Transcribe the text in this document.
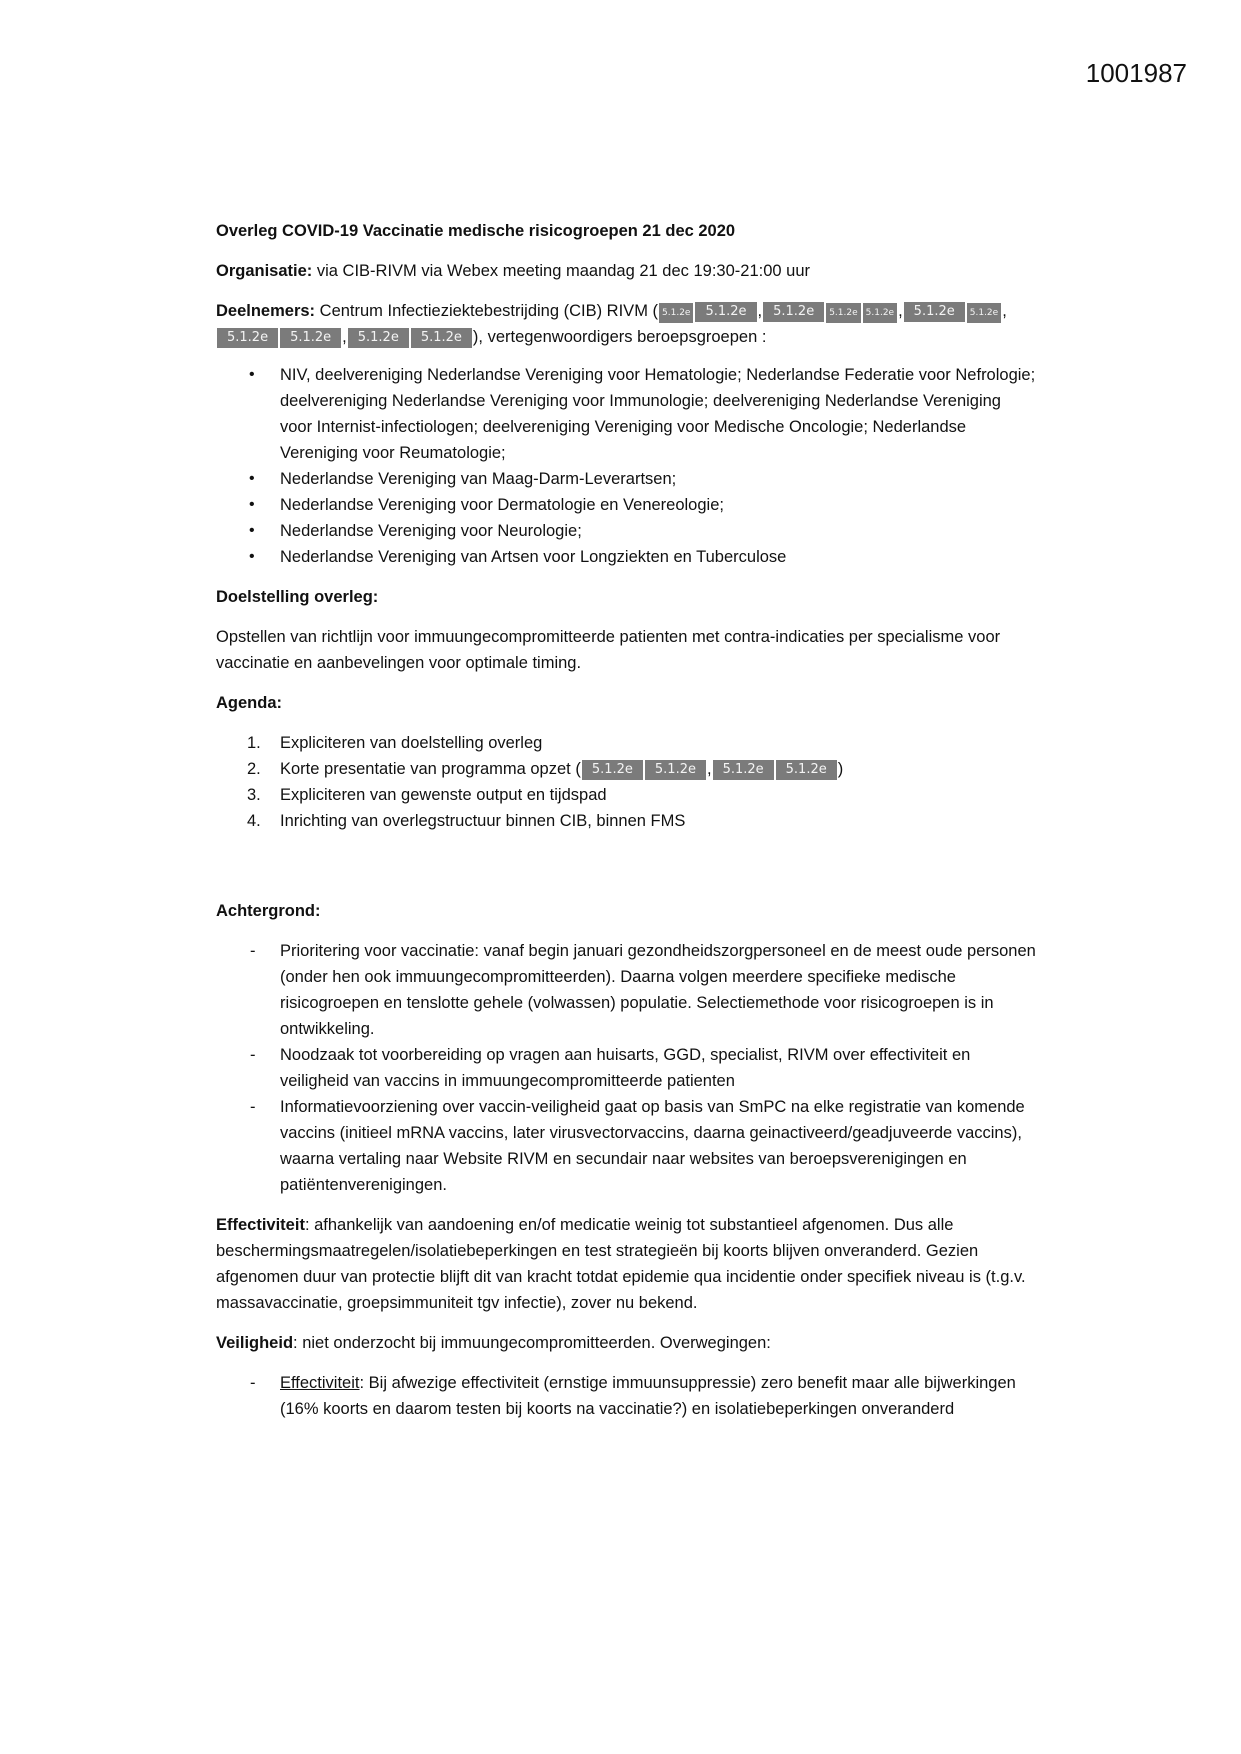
1001987

Overleg COVID-19 Vaccinatie medische risicogroepen 21 dec 2020

Organisatie: via CIB-RIVM via Webex meeting maandag 21 dec 19:30-21:00 uur

Deelnemers: Centrum Infectieziektebestrijding (CIB) RIVM ( 5.1.2e 5.1.2e , 5.1.2e 5.1.2e 5.1.2e , 5.1.2e 5.1.2e , 5.1.2e 5.1.2e , 5.1.2e 5.1.2e ), vertegenwoordigers beroepsgroepen :

• NIV, deelvereniging Nederlandse Vereniging voor Hematologie; Nederlandse Federatie voor Nefrologie; deelvereniging Nederlandse Vereniging voor Immunologie; deelvereniging Nederlandse Vereniging voor Internist-infectiologen; deelvereniging Vereniging voor Medische Oncologie; Nederlandse Vereniging voor Reumatologie;
• Nederlandse Vereniging van Maag-Darm-Leverartsen;
• Nederlandse Vereniging voor Dermatologie en Venereologie;
• Nederlandse Vereniging voor Neurologie;
• Nederlandse Vereniging van Artsen voor Longziekten en Tuberculose

Doelstelling overleg:

Opstellen van richtlijn voor immuungecompromitteerde patienten met contra-indicaties per specialisme voor vaccinatie en aanbevelingen voor optimale timing.

Agenda:

1. Expliciteren van doelstelling overleg
2. Korte presentatie van programma opzet ( 5.1.2e 5.1.2e , 5.1.2e 5.1.2e )
3. Expliciteren van gewenste output en tijdspad
4. Inrichting van overlegstructuur binnen CIB, binnen FMS

Achtergrond:

- Prioritering voor vaccinatie: vanaf begin januari gezondheidszorgpersoneel en de meest oude personen (onder hen ook immuungecompromitteerden). Daarna volgen meerdere specifieke medische risicogroepen en tenslotte gehele (volwassen) populatie. Selectiemethode voor risicogroepen is in ontwikkeling.
- Noodzaak tot voorbereiding op vragen aan huisarts, GGD, specialist, RIVM over effectiviteit en veiligheid van vaccins in immuungecompromitteerde patienten
- Informatievoorziening over vaccin-veiligheid gaat op basis van SmPC na elke registratie van komende vaccins (initieel mRNA vaccins, later virusvectorvaccins, daarna geinactiveerd/geadjuveerde vaccins), waarna vertaling naar Website RIVM en secundair naar websites van beroepsverenigingen en patiëntenverenigingen.

Effectiviteit: afhankelijk van aandoening en/of medicatie weinig tot substantieel afgenomen. Dus alle beschermingsmaatregelen/isolatiebeperkingen en test strategieën bij koorts blijven onveranderd. Gezien afgenomen duur van protectie blijft dit van kracht totdat epidemie qua incidentie onder specifiek niveau is (t.g.v. massavaccinatie, groepsimmuniteit tgv infectie), zover nu bekend.

Veiligheid: niet onderzocht bij immuungecompromitteerden. Overwegingen:

- Effectiviteit: Bij afwezige effectiviteit (ernstige immuunsuppressie) zero benefit maar alle bijwerkingen (16% koorts en daarom testen bij koorts na vaccinatie?) en isolatiebeperkingen onveranderd
